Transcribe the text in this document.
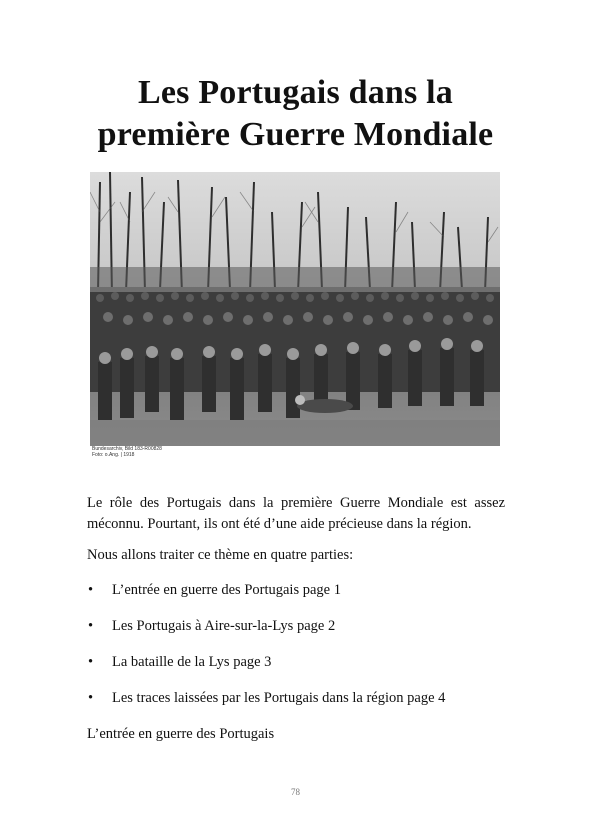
Les Portugais dans la
première Guerre Mondiale
Bundesarchiv, Bild 183-R00828
Foto: o.Ang. | 1918

Le rôle des Portugais dans la première Guerre Mondiale est assez méconnu. Pourtant, ils ont été d’une aide précieuse dans la région.

Nous allons traiter ce thème en quatre parties:

• L’entrée en guerre des Portugais page 1
• Les Portugais à Aire-sur-la-Lys page 2
• La bataille de la Lys page 3
• Les traces laissées par les Portugais dans la région page 4

L’entrée en guerre des Portugais

78
